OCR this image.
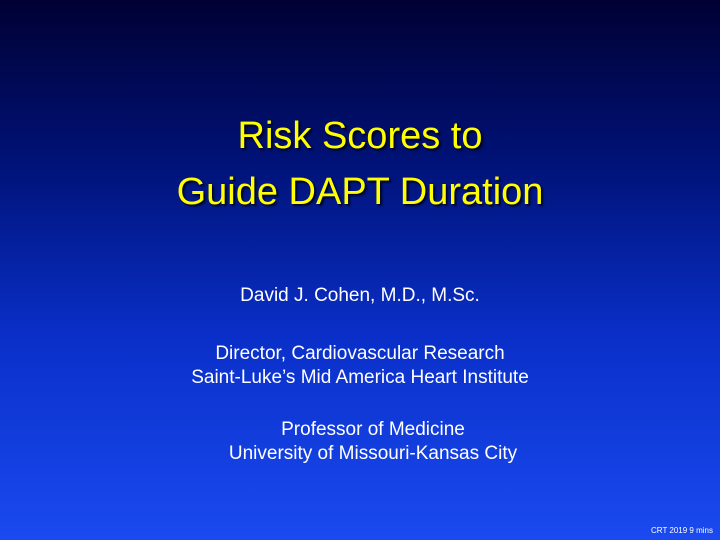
Risk Scores to
Guide DAPT Duration
David J. Cohen, M.D., M.Sc.
Director, Cardiovascular Research
Saint-Luke’s Mid America Heart Institute
Professor of Medicine
University of Missouri-Kansas City
CRT 2019 9 mins
